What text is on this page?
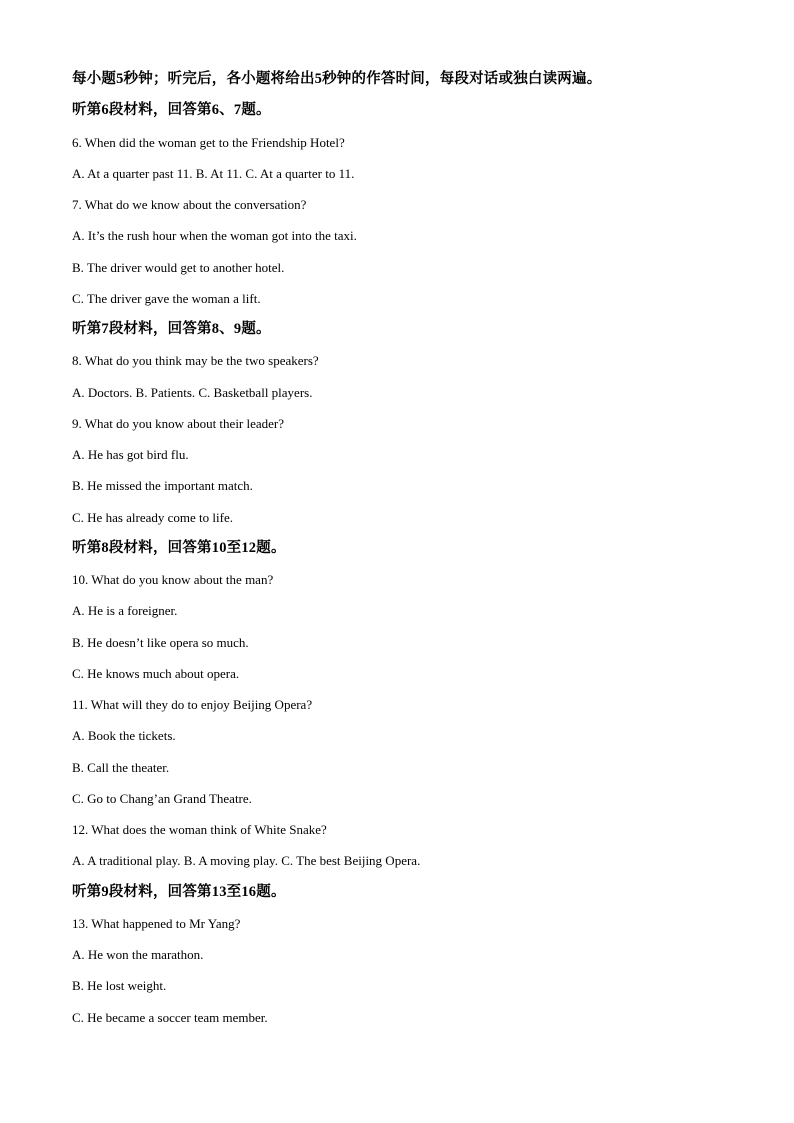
每小题5秒钟；听完后，各小题将给出5秒钟的作答时间，每段对话或独白读两遍。
听第6段材料，回答第6、7题。
6. When did the woman get to the Friendship Hotel?
A. At a quarter past 11. B. At 11. C. At a quarter to 11.
7. What do we know about the conversation?
A. It’s the rush hour when the woman got into the taxi.
B. The driver would get to another hotel.
C. The driver gave the woman a lift.
听第7段材料，回答第8、9题。
8. What do you think may be the two speakers?
A. Doctors. B. Patients. C. Basketball players.
9. What do you know about their leader?
A. He has got bird flu.
B. He missed the important match.
C. He has already come to life.
听第8段材料，回答第10至12题。
10. What do you know about the man?
A. He is a foreigner.
B. He doesn’t like opera so much.
C. He knows much about opera.
11. What will they do to enjoy Beijing Opera?
A. Book the tickets.
B. Call the theater.
C. Go to Chang’an Grand Theatre.
12. What does the woman think of White Snake?
A. A traditional play. B. A moving play. C. The best Beijing Opera.
听第9段材料，回答第13至16题。
13. What happened to Mr Yang?
A. He won the marathon.
B. He lost weight.
C. He became a soccer team member.
